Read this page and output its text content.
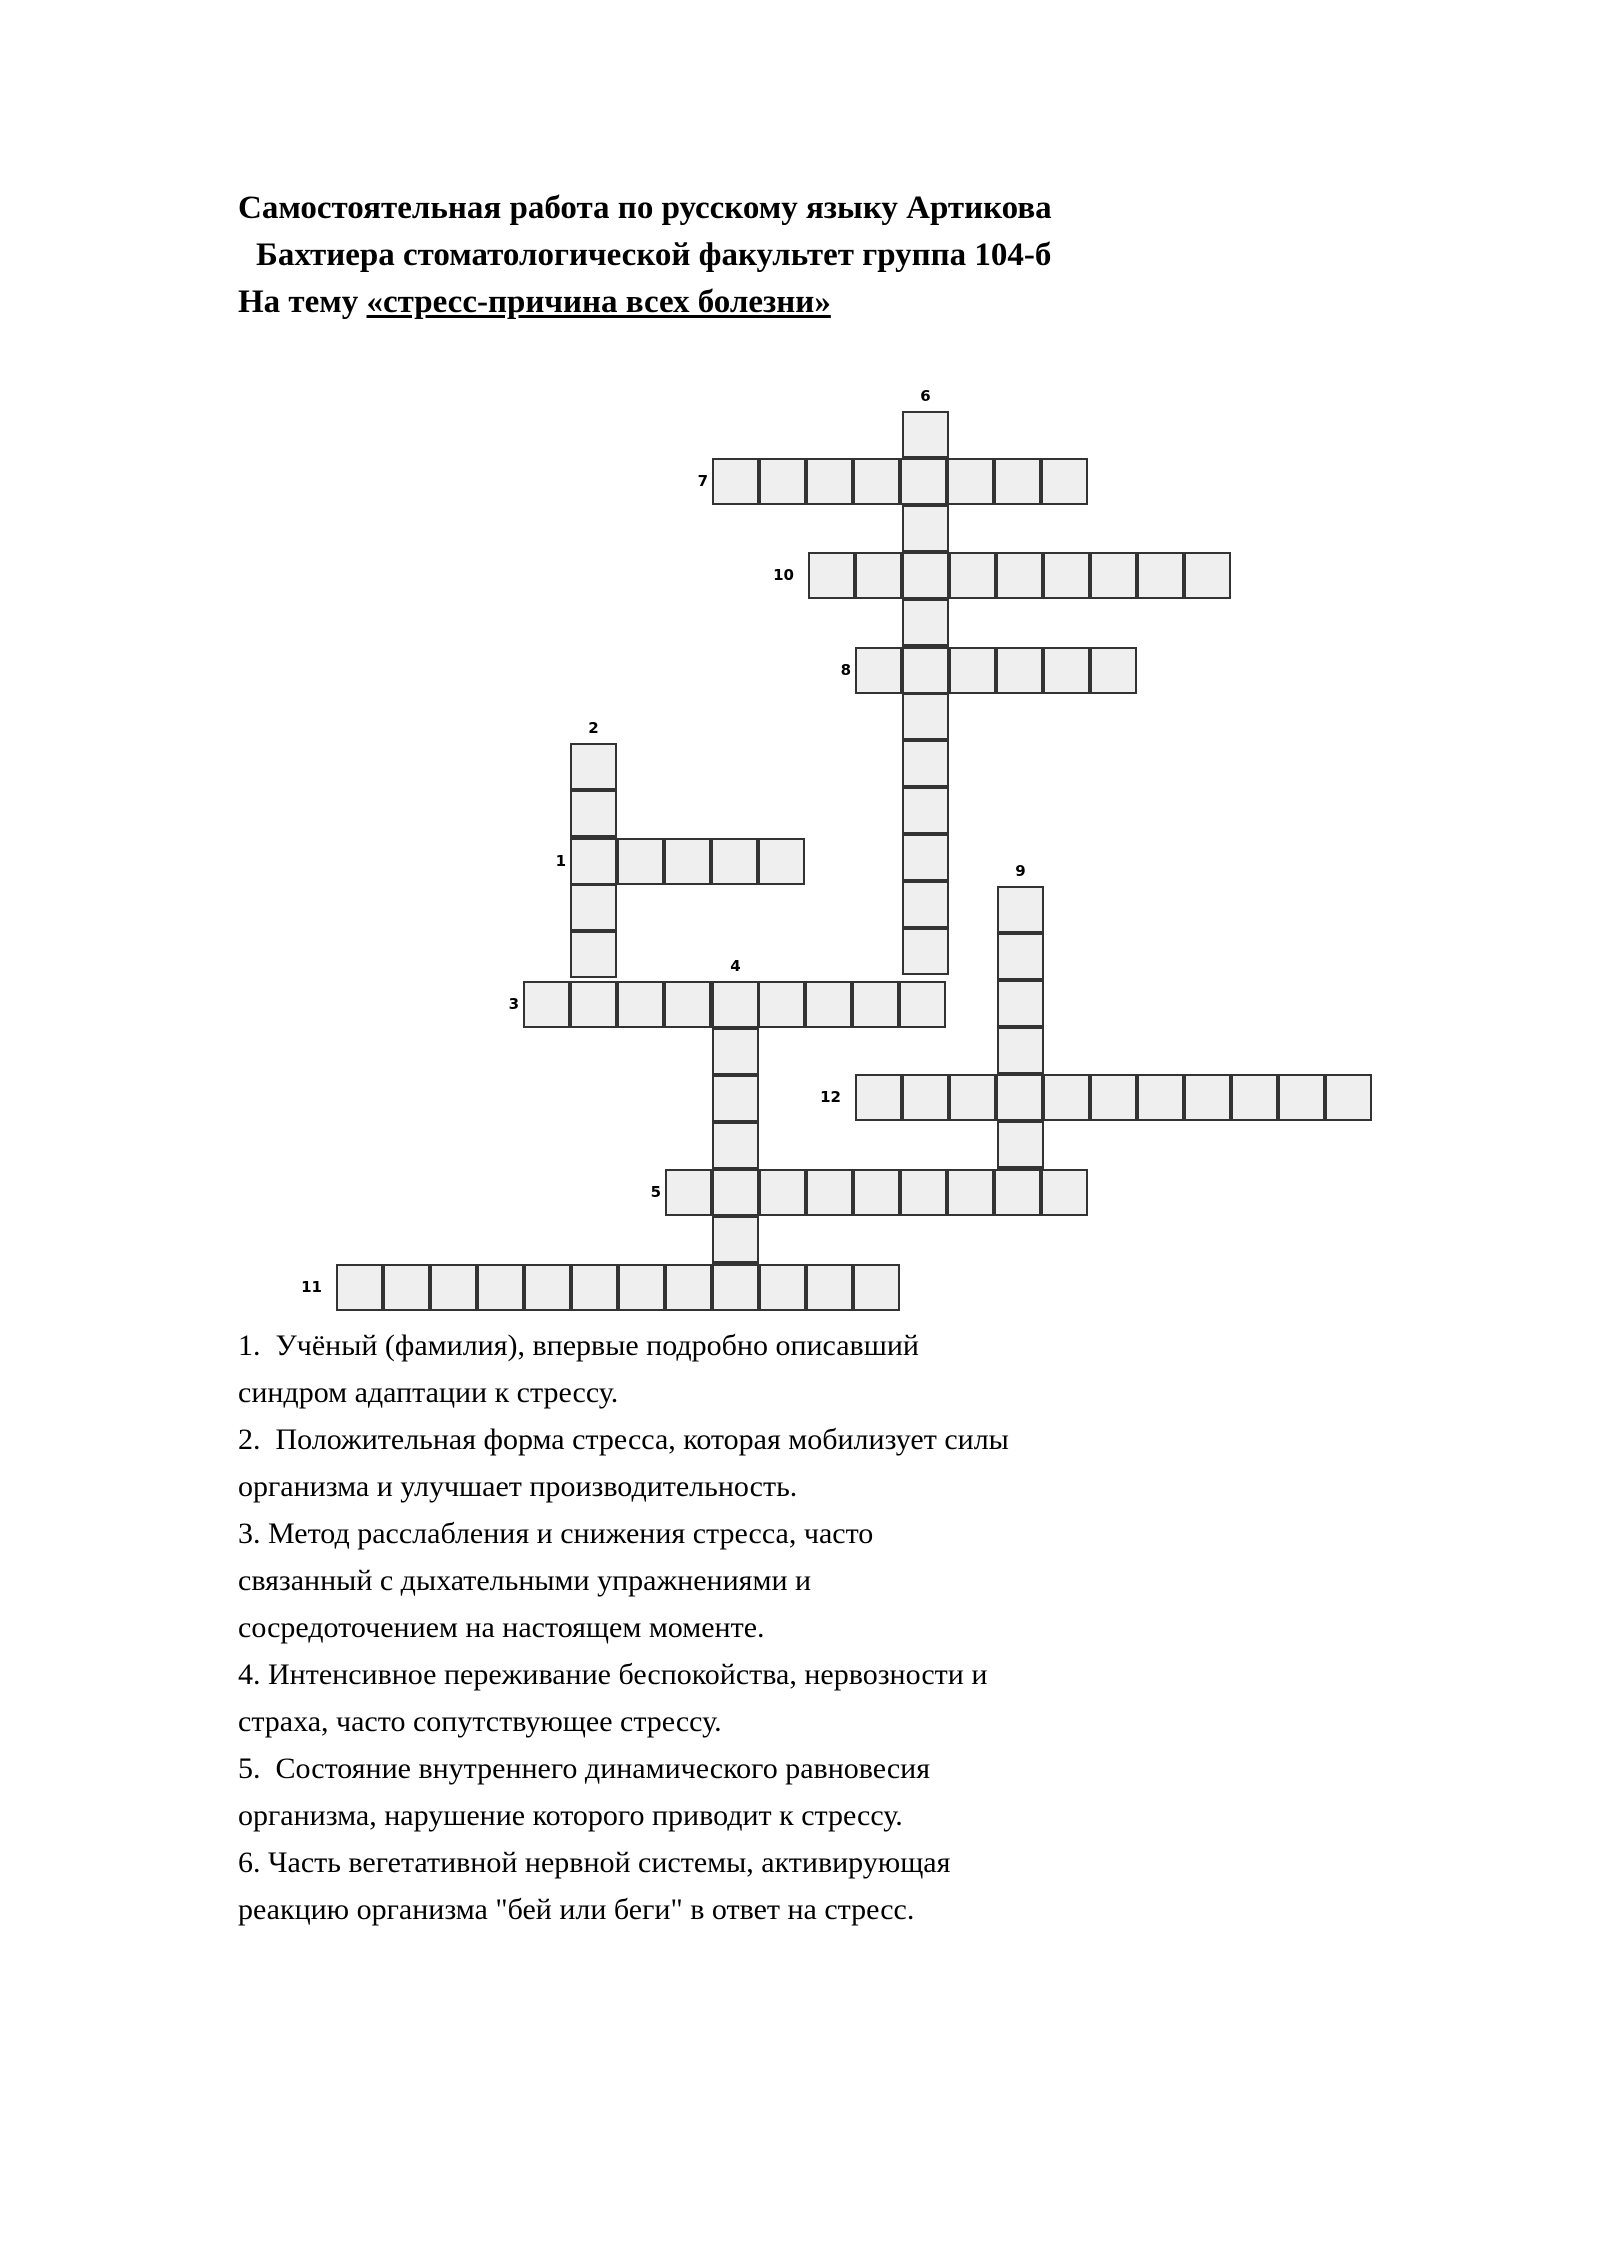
Самостоятельная работа по русскому языку Артикова
Бахтиера стоматологической факультет группа 104-б
На тему «стресс-причина всех болезни»
6
7
10
8
2
1
9
3
4
12
5
11
1.  Учёный (фамилия), впервые подробно описавший
синдром адаптации к стрессу.
2.  Положительная форма стресса, которая мобилизует силы
организма и улучшает производительность.
3. Метод расслабления и снижения стресса, часто
связанный с дыхательными упражнениями и
сосредоточением на настоящем моменте.
4. Интенсивное переживание беспокойства, нервозности и
страха, часто сопутствующее стрессу.
5.  Состояние внутреннего динамического равновесия
организма, нарушение которого приводит к стрессу.
6. Часть вегетативной нервной системы, активирующая
реакцию организма "бей или беги" в ответ на стресс.
